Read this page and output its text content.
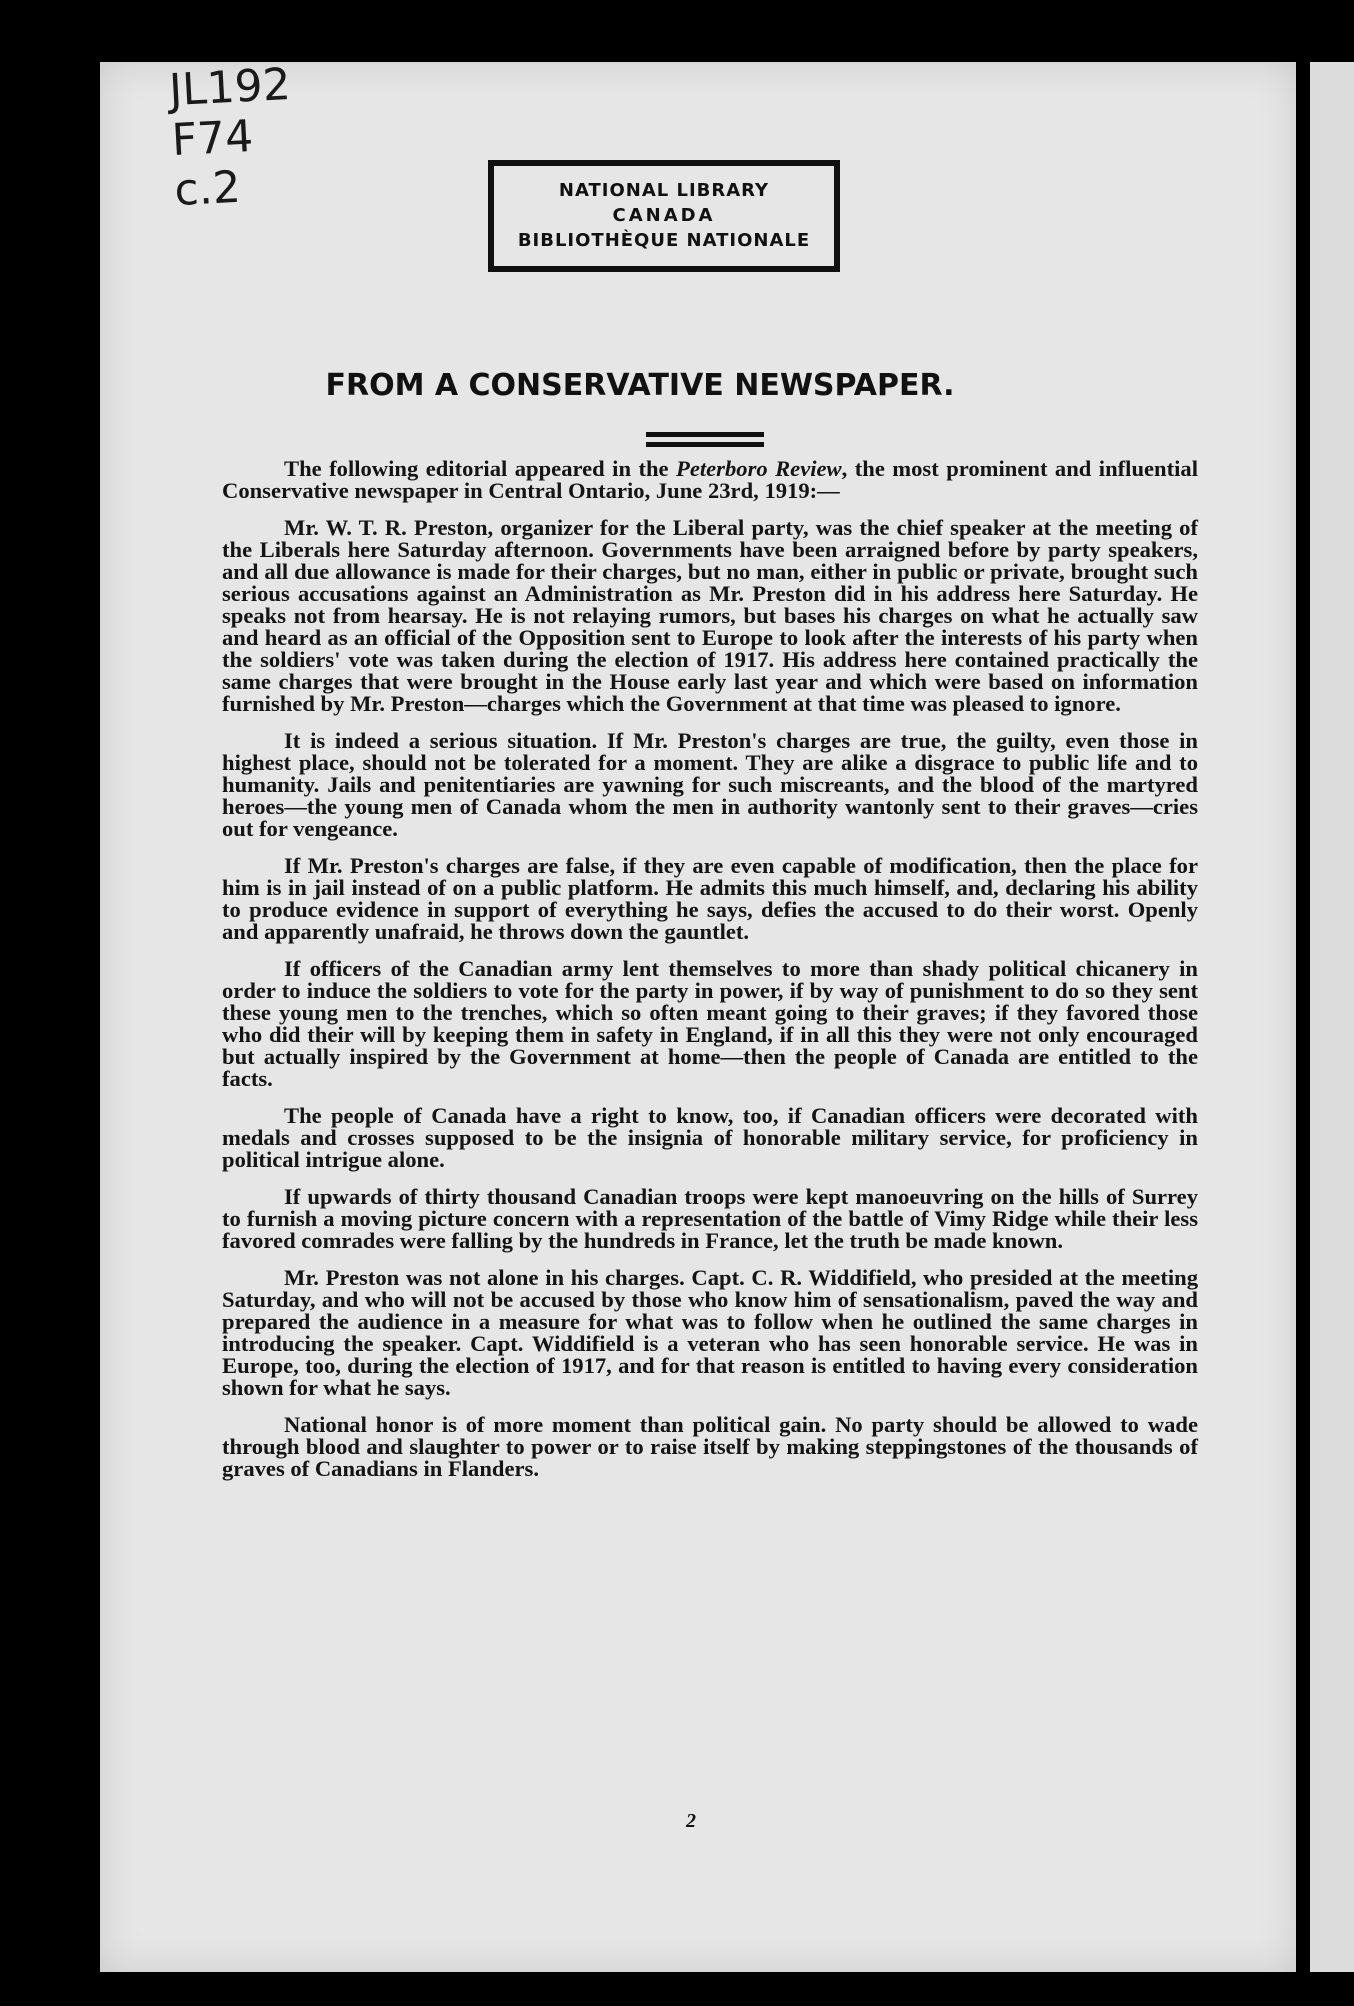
JL192
F74
c.2	NATIONAL LIBRARY
CANADA
BIBLIOTHÈQUE NATIONALE
FROM A CONSERVATIVE NEWSPAPER.

The following editorial appeared in the Peterboro Review, the most prominent and influential Conservative newspaper in Central Ontario, June 23rd, 1919:—

Mr. W. T. R. Preston, organizer for the Liberal party, was the chief speaker at the meeting of the Liberals here Saturday afternoon. Governments have been arraigned before by party speakers, and all due allowance is made for their charges, but no man, either in public or private, brought such serious accusations against an Administration as Mr. Preston did in his address here Saturday. He speaks not from hearsay. He is not relaying rumors, but bases his charges on what he actually saw and heard as an official of the Opposition sent to Europe to look after the interests of his party when the soldiers' vote was taken during the election of 1917. His address here contained practically the same charges that were brought in the House early last year and which were based on information furnished by Mr. Preston—charges which the Government at that time was pleased to ignore.

It is indeed a serious situation. If Mr. Preston's charges are true, the guilty, even those in highest place, should not be tolerated for a moment. They are alike a disgrace to public life and to humanity. Jails and penitentiaries are yawning for such miscreants, and the blood of the martyred heroes—the young men of Canada whom the men in authority wantonly sent to their graves—cries out for vengeance.

If Mr. Preston's charges are false, if they are even capable of modification, then the place for him is in jail instead of on a public platform. He admits this much himself, and, declaring his ability to produce evidence in support of everything he says, defies the accused to do their worst. Openly and apparently unafraid, he throws down the gauntlet.

If officers of the Canadian army lent themselves to more than shady political chicanery in order to induce the soldiers to vote for the party in power, if by way of punishment to do so they sent these young men to the trenches, which so often meant going to their graves; if they favored those who did their will by keeping them in safety in England, if in all this they were not only encouraged but actually inspired by the Government at home—then the people of Canada are entitled to the facts.

The people of Canada have a right to know, too, if Canadian officers were decorated with medals and crosses supposed to be the insignia of honorable military service, for proficiency in political intrigue alone.

If upwards of thirty thousand Canadian troops were kept manoeuvring on the hills of Surrey to furnish a moving picture concern with a representation of the battle of Vimy Ridge while their less favored comrades were falling by the hundreds in France, let the truth be made known.

Mr. Preston was not alone in his charges. Capt. C. R. Widdifield, who presided at the meeting Saturday, and who will not be accused by those who know him of sensationalism, paved the way and prepared the audience in a measure for what was to follow when he outlined the same charges in introducing the speaker. Capt. Widdifield is a veteran who has seen honorable service. He was in Europe, too, during the election of 1917, and for that reason is entitled to having every consideration shown for what he says.

National honor is of more moment than political gain. No party should be allowed to wade through blood and slaughter to power or to raise itself by making steppingstones of the thousands of graves of Canadians in Flanders.

2
